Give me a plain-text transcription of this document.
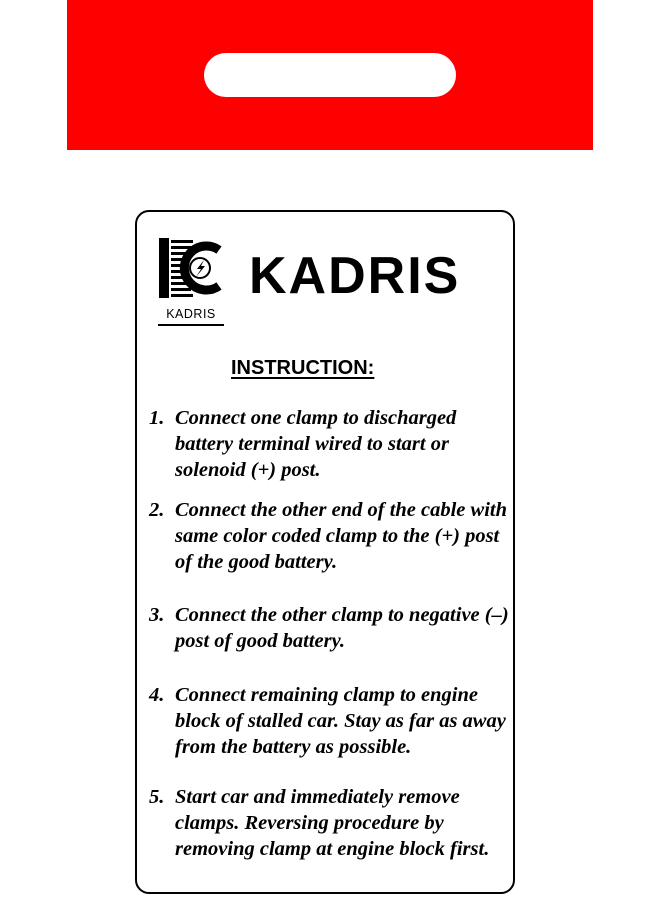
KADRIS
KADRIS
INSTRUCTION:
1. Connect one clamp to discharged battery terminal wired to start or solenoid (+) post.
2. Connect the other end of the cable with same color coded clamp to the (+) post of the good battery.
3. Connect the other clamp to negative (–) post of good battery.
4. Connect remaining clamp to engine block of stalled car. Stay as far as away from the battery as possible.
5. Start car and immediately remove clamps. Reversing procedure by removing clamp at engine block first.
